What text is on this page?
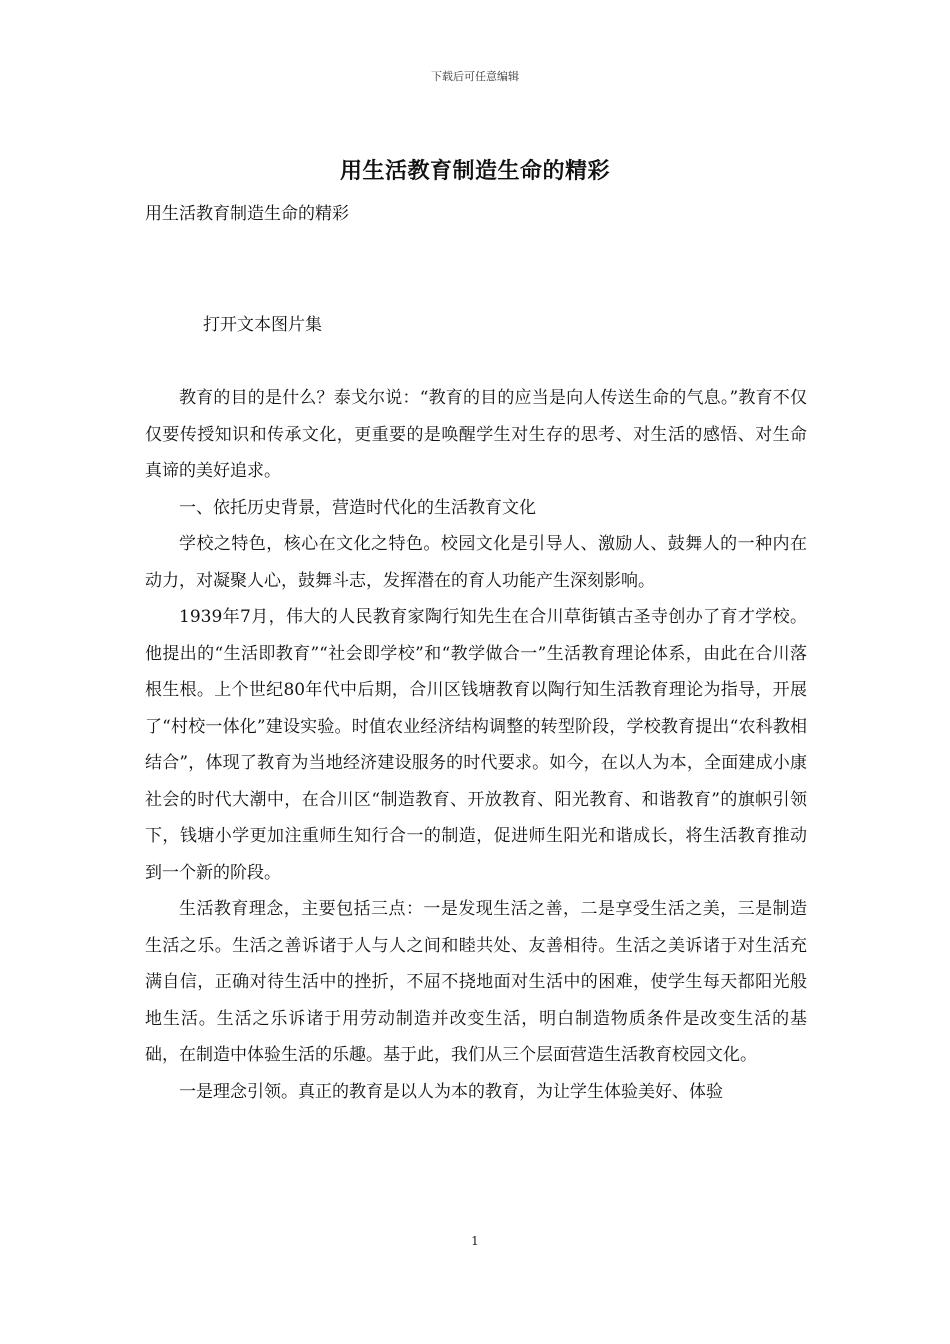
下载后可任意编辑
用生活教育制造生命的精彩

用生活教育制造生命的精彩

打开文本图片集

教育的目的是什么？泰戈尔说：“教育的目的应当是向人传送生命的气息。”教育不仅仅要传授知识和传承文化，更重要的是唤醒学生对生存的思考、对生活的感悟、对生命真谛的美好追求。

一、依托历史背景，营造时代化的生活教育文化

学校之特色，核心在文化之特色。校园文化是引导人、激励人、鼓舞人的一种内在动力，对凝聚人心，鼓舞斗志，发挥潜在的育人功能产生深刻影响。

1939年7月，伟大的人民教育家陶行知先生在合川草街镇古圣寺创办了育才学校。他提出的“生活即教育”“社会即学校”和“教学做合一”生活教育理论体系，由此在合川落根生根。上个世纪80年代中后期，合川区钱塘教育以陶行知生活教育理论为指导，开展了“村校一体化”建设实验。时值农业经济结构调整的转型阶段，学校教育提出“农科教相结合”，体现了教育为当地经济建设服务的时代要求。如今，在以人为本，全面建成小康社会的时代大潮中，在合川区“制造教育、开放教育、阳光教育、和谐教育”的旗帜引领下，钱塘小学更加注重师生知行合一的制造，促进师生阳光和谐成长，将生活教育推动到一个新的阶段。

生活教育理念，主要包括三点：一是发现生活之善，二是享受生活之美，三是制造生活之乐。生活之善诉诸于人与人之间和睦共处、友善相待。生活之美诉诸于对生活充满自信，正确对待生活中的挫折，不屈不挠地面对生活中的困难，使学生每天都阳光般地生活。生活之乐诉诸于用劳动制造并改变生活，明白制造物质条件是改变生活的基础，在制造中体验生活的乐趣。基于此，我们从三个层面营造生活教育校园文化。

一是理念引领。真正的教育是以人为本的教育，为让学生体验美好、体验

1
